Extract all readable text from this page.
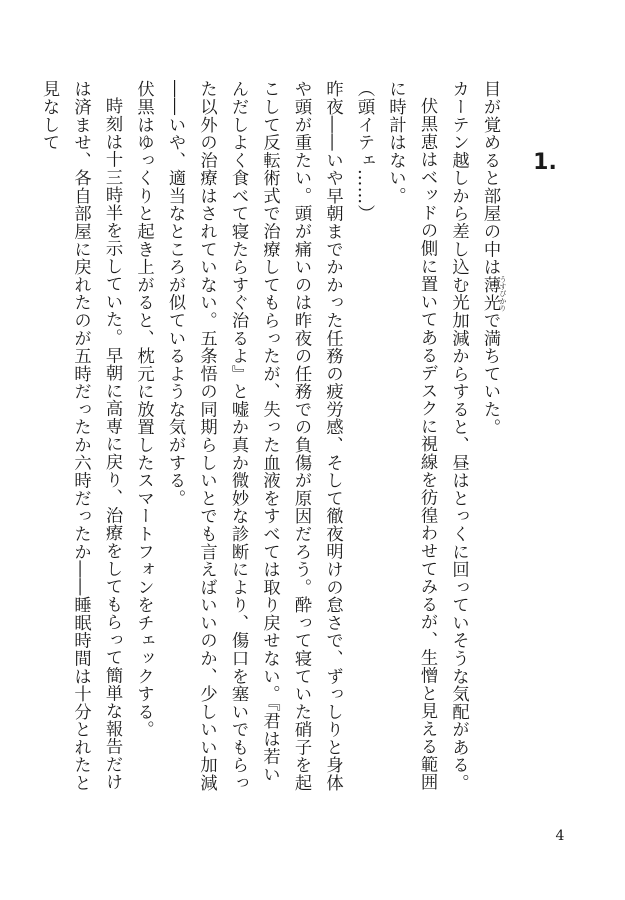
1.

目が覚めると部屋の中は薄光 うすびかりで満ちていた。

カーテン越しから差し込む光加減からすると、昼はとっくに回っていそうな気配がある。

伏黒恵はベッドの側に置いてあるデスクに視線を彷徨わせてみるが、生憎と見える範囲に時計はない。

（頭イテェ……）

昨夜――いや早朝までかかった任務の疲労感、そして徹夜明けの怠さで、ずっしりと身体や頭が重たい。頭が痛いのは昨夜の任務での負傷が原因だろう。酔って寝ていた硝子を起こして反転術式で治療してもらったが、失った血液をすべては取り戻せない。『君は若いんだしよく食べて寝たらすぐ治るよ』と嘘か真か微妙な診断により、傷口を塞いでもらった以外の治療はされていない。五条悟の同期らしいとでも言えばいいのか、少しいい加減――いや、適当なところが似ているような気がする。

伏黒はゆっくりと起き上がると、枕元に放置したスマートフォンをチェックする。

時刻は十三時半を示していた。早朝に高専に戻り、治療をしてもらって簡単な報告だけは済ませ、各自部屋に戻れたのが五時だったか六時だったか――睡眠時間は十分とれたと見なして

4
